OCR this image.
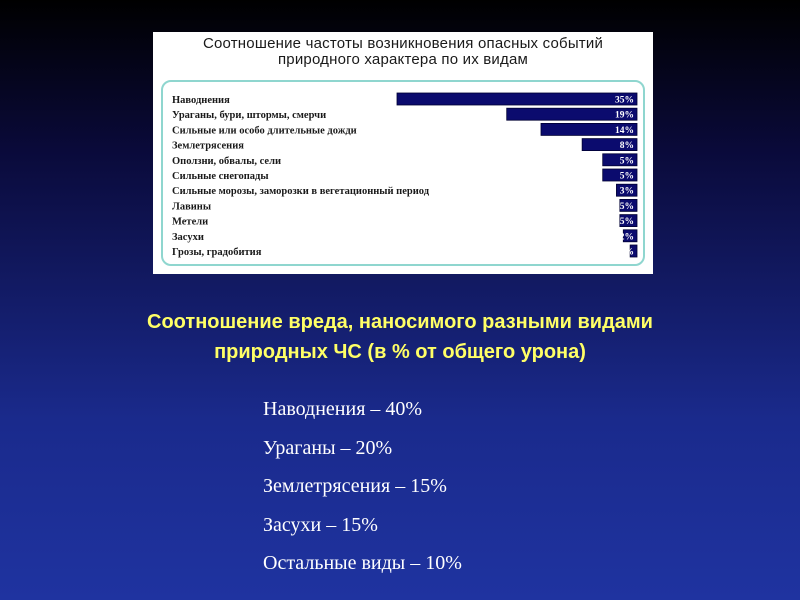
Соотношение частоты возникновения опасных событий
природного характера по их видам
Наводнения	35%
Ураганы, бури, штормы, смерчи	19%
Сильные или особо длительные дожди	14%
Землетрясения	8%
Оползни, обвалы, сели	5%
Сильные снегопады	5%
Сильные морозы, заморозки в вегетационный период	3%
Лавины	2,5%
Метели	2,5%
Засухи	2%
Грозы, градобития	1%
Соотношение вреда, наносимого разными видами
природных ЧС (в % от общего урона)
Наводнения – 40%
Ураганы – 20%
Землетрясения – 15%
Засухи – 15%
Остальные виды – 10%
